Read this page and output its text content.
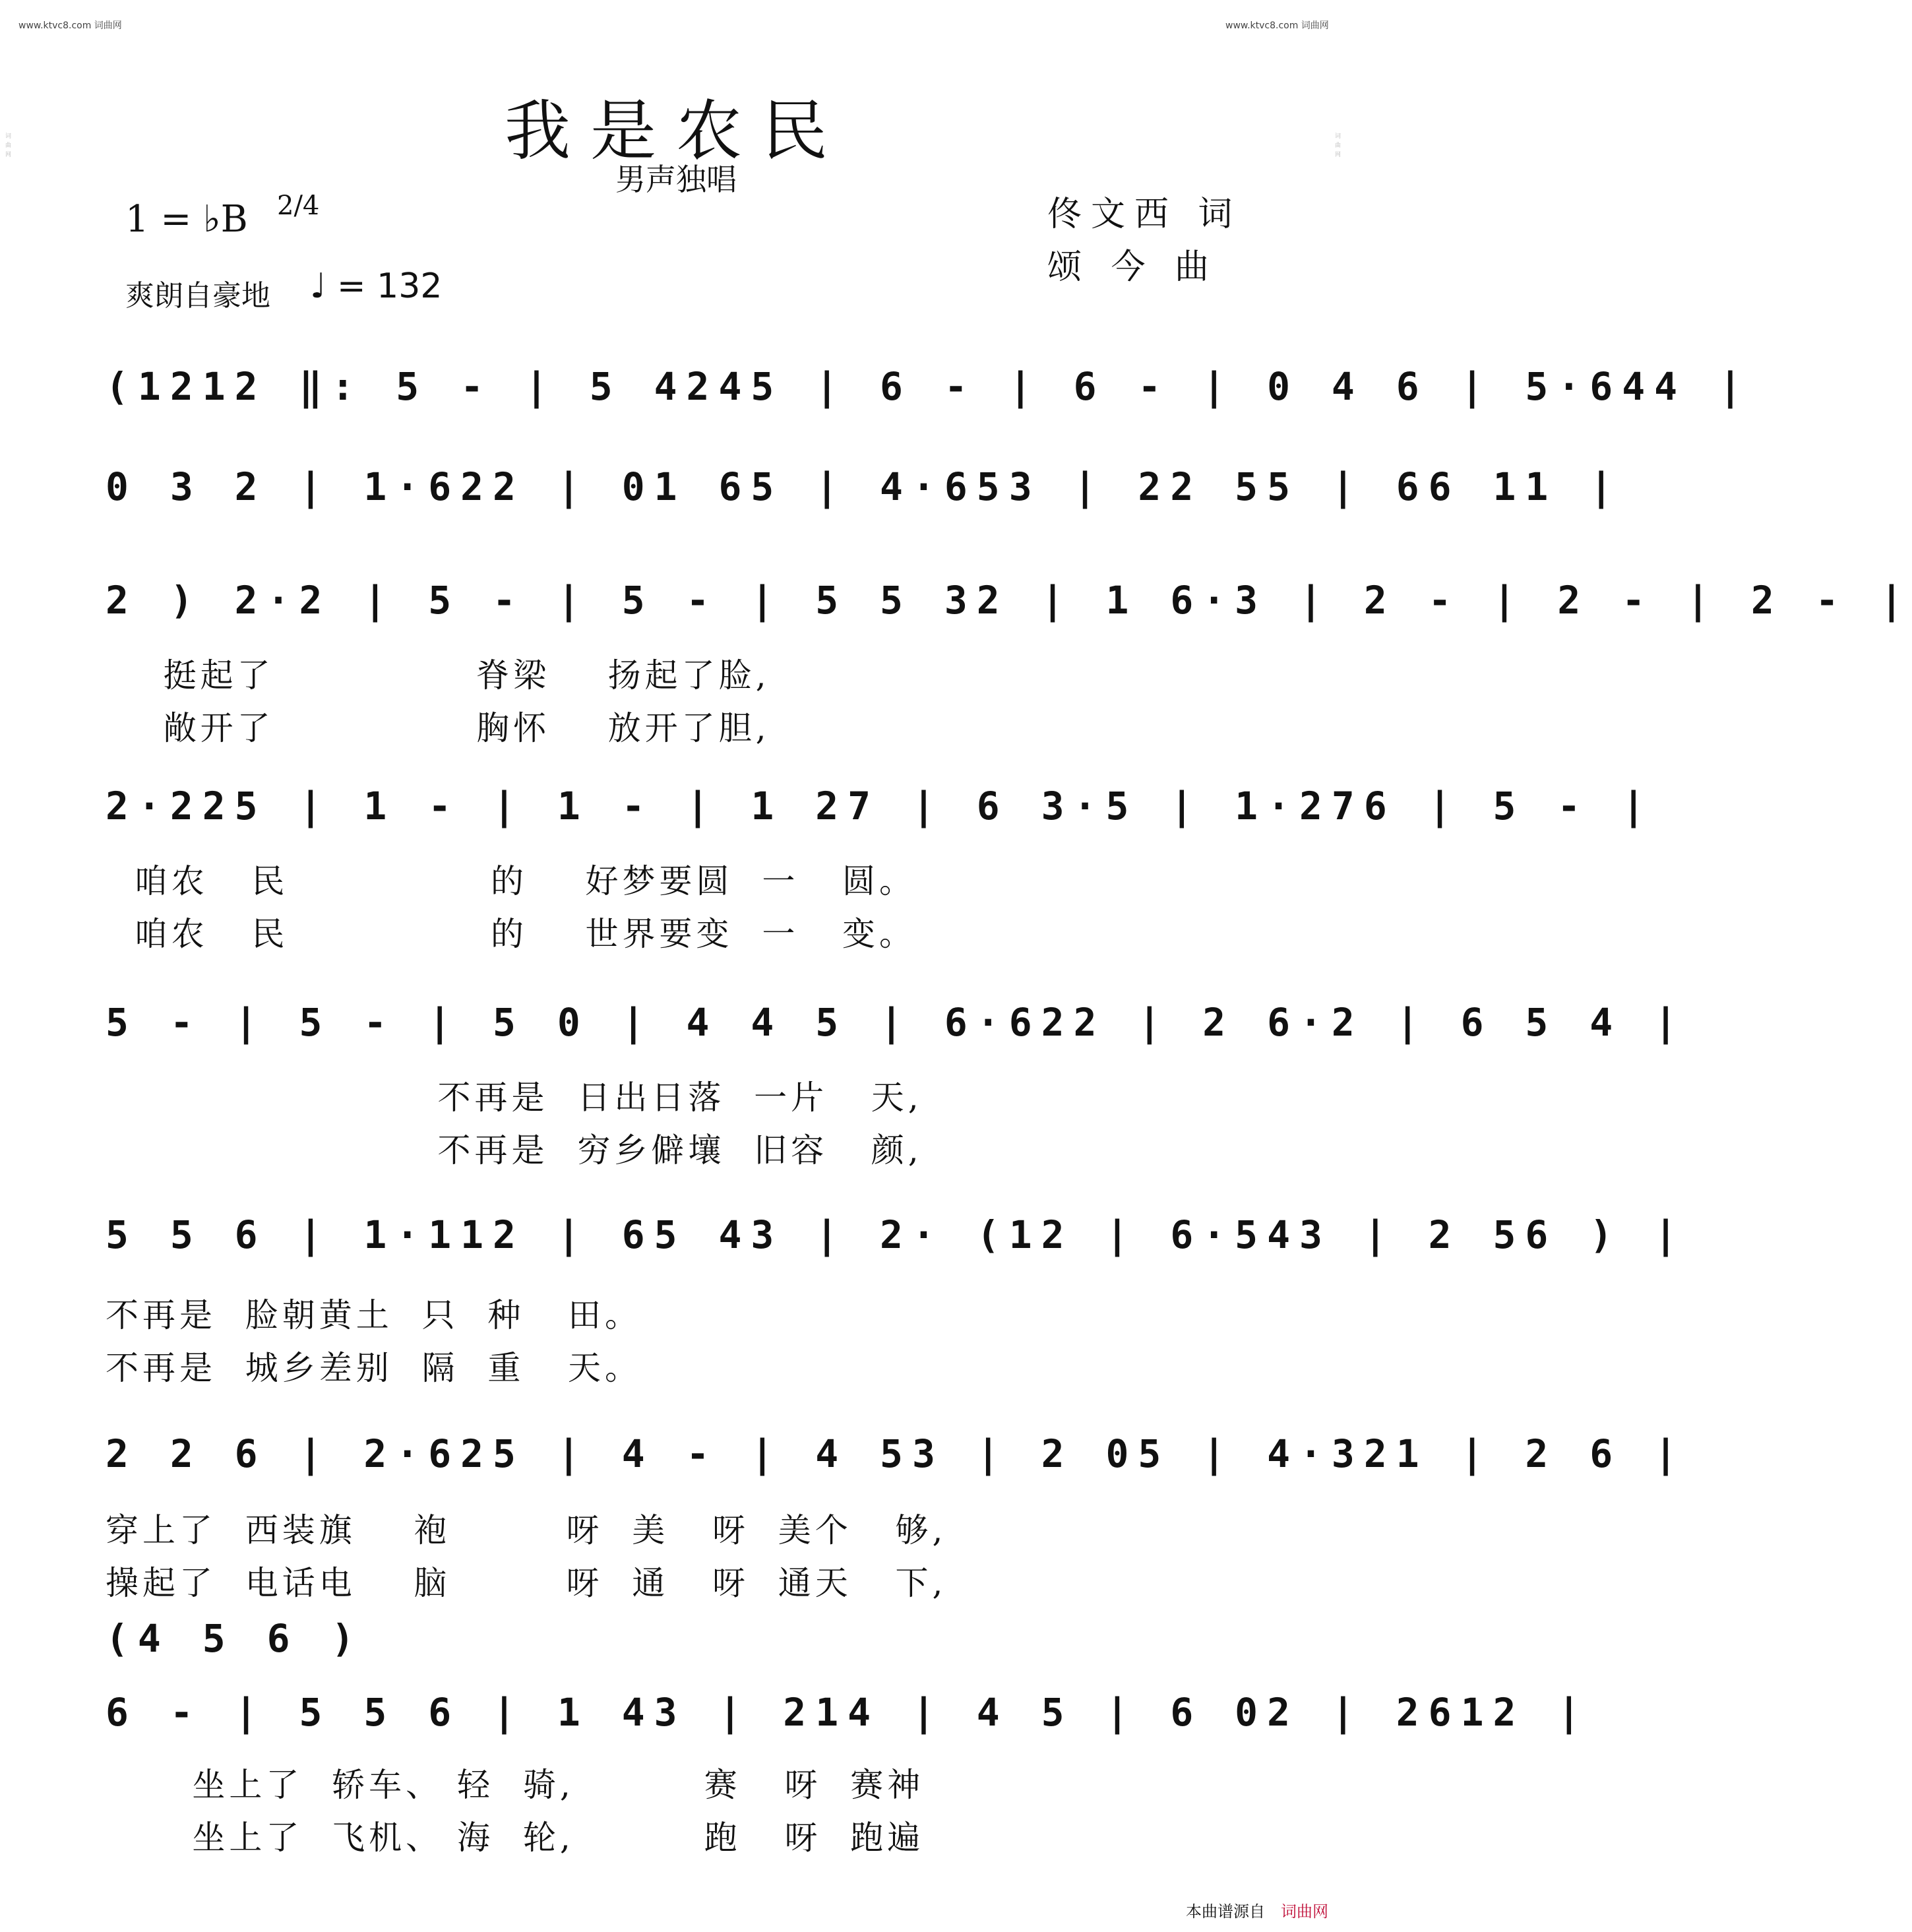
www.ktvc8.com 词曲网	www.ktvc8.com 词曲网
词曲网
词曲网
我是农民
男声独唱
佟文西 词
颂 今 曲
1 = ♭B 2/4
爽朗自豪地 ♩ = 132
(1212 ‖: 5 - | 5 4245 | 6 - | 6 - | 0 4 6 | 5·644 |
0 3 2 | 1·622 | 01 65 | 4·653 | 22 55 | 66 11 |
2 ) 2·2 | 5 - | 5 - | 5 5 32 | 1 6·3 | 2 - | 2 - | 2 - |
挺起了              脊梁    扬起了脸,
敞开了              胸怀    放开了胆,
2·225 | 1 - | 1 - | 1 27 | 6 3·5 | 1·276 | 5 - |
咱农   民              的    好梦要圆  一   圆。
咱农   民              的    世界要变  一   变。
5 - | 5 - | 5 0 | 4 4 5 | 6·622 | 2 6·2 | 6 5 4 |
不再是  日出日落  一片   天,
不再是  穷乡僻壤  旧容   颜,
5 5 6 | 1·112 | 65 43 | 2· (12 | 6·543 | 2 56 ) |
不再是  脸朝黄土  只  种   田。
不再是  城乡差别  隔  重   天。
2 2 6 | 2·625 | 4 - | 4 53 | 2 05 | 4·321 | 2 6 |
穿上了  西装旗    袍        呀  美   呀  美个   够,
操起了  电话电    脑        呀  通   呀  通天   下,
(4 5 6 )
6 - | 5 5 6 | 1 43 | 214 | 4 5 | 6 02 | 2612 |
坐上了  轿车、 轻  骑,         赛   呀  赛神
坐上了  飞机、 海  轮,         跑   呀  跑遍
本曲谱源自 词曲网
